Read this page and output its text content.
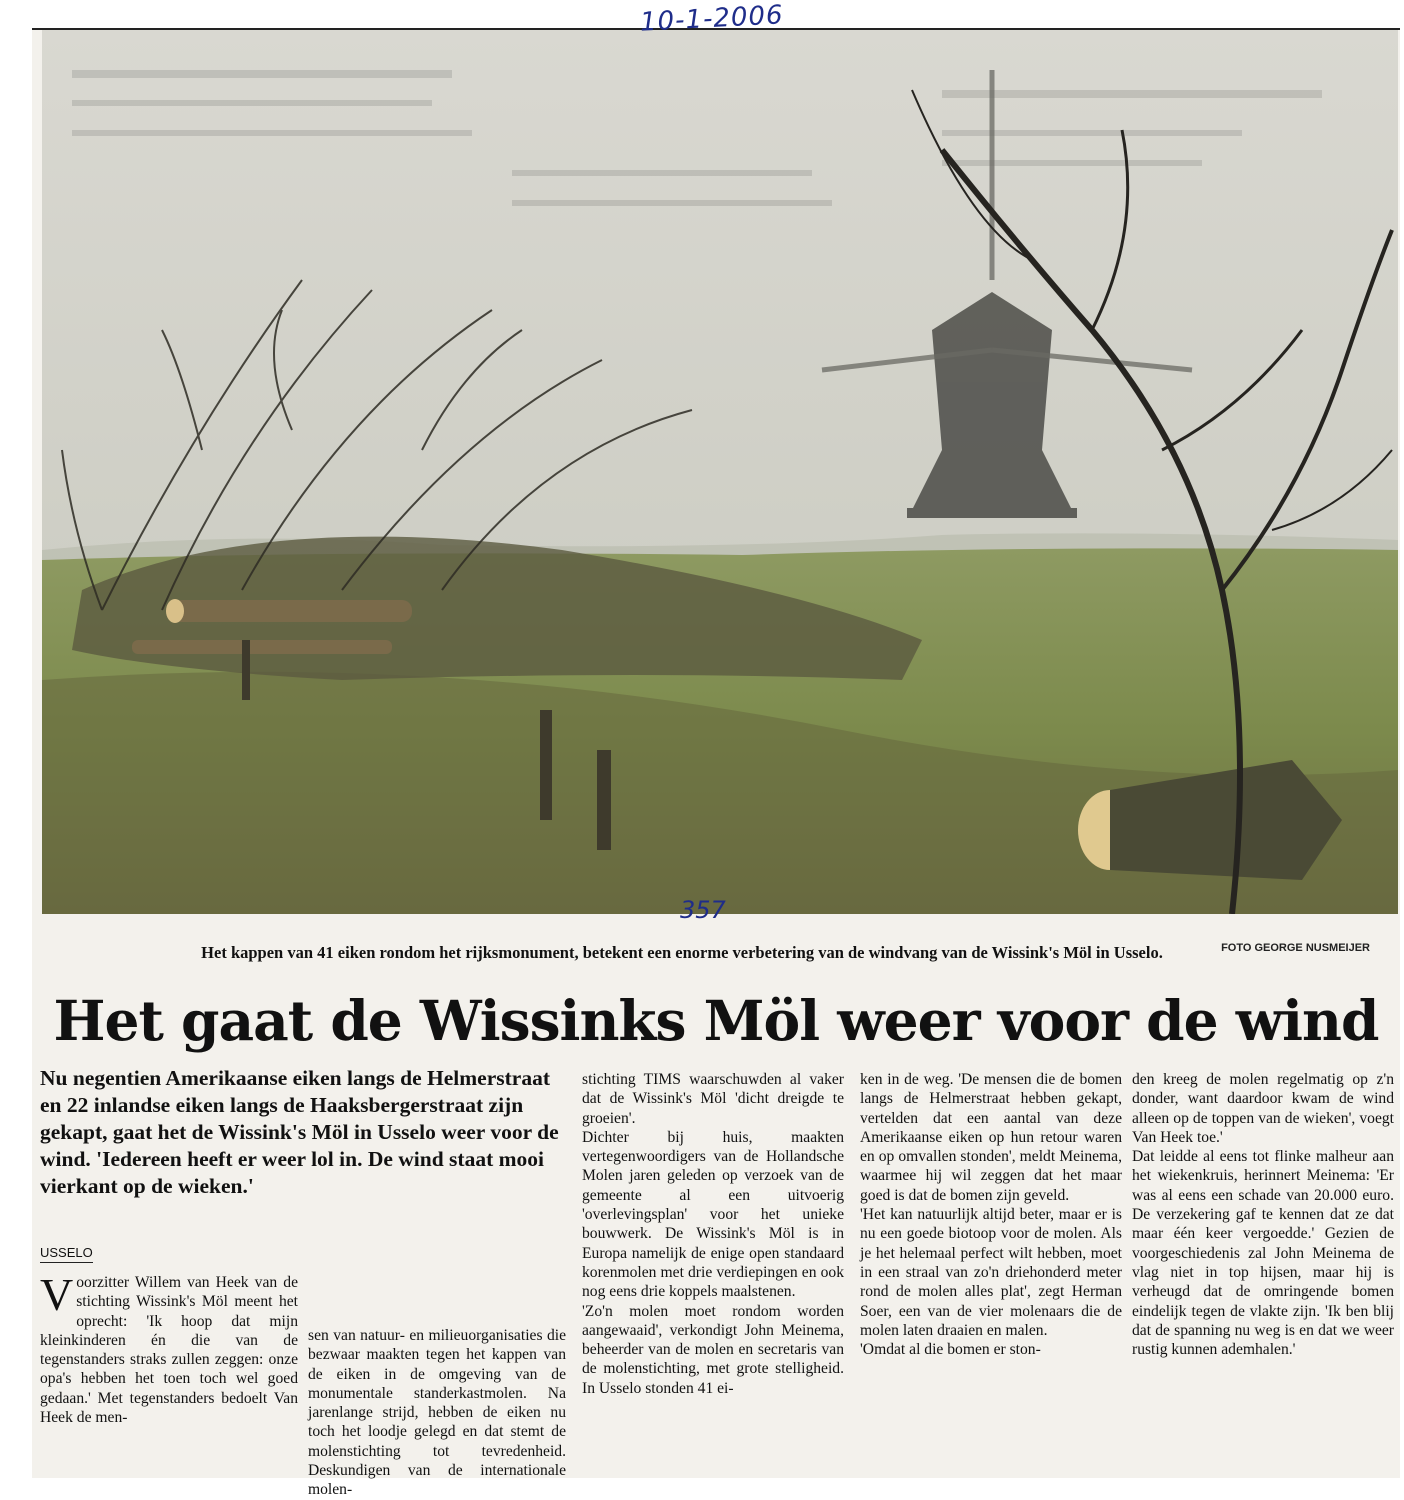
FOTO GEORGE NUSMEIJER
Het kappen van 41 eiken rondom het rijksmonument, betekent een enorme verbetering van de windvang van de Wissink's Möl in Usselo.
Het gaat de Wissinks Möl weer voor de wind
Nu negentien Amerikaanse eiken langs de Helmerstraat en 22 inlandse eiken langs de Haaksbergerstraat zijn gekapt, gaat het de Wissink's Möl in Usselo weer voor de wind. 'Iedereen heeft er weer lol in. De wind staat mooi vierkant op de wieken.'
USSELO

Voorzitter Willem van Heek van de stichting Wissink's Möl meent het oprecht: 'Ik hoop dat mijn kleinkinderen én die van de tegenstanders straks zullen zeggen: onze opa's hebben het toen toch wel goed gedaan.' Met tegenstanders bedoelt Van Heek de men-

sen van natuur- en milieuorganisaties die bezwaar maakten tegen het kappen van de eiken in de omgeving van de monumentale standerkastmolen. Na jarenlange strijd, hebben de eiken nu toch het loodje gelegd en dat stemt de molenstichting tot tevredenheid. Deskundigen van de internationale molen-

stichting TIMS waarschuwden al vaker dat de Wissink's Möl 'dicht dreigde te groeien'.

Dichter bij huis, maakten vertegenwoordigers van de Hollandsche Molen jaren geleden op verzoek van de gemeente al een uitvoerig 'overlevingsplan' voor het unieke bouwwerk. De Wissink's Möl is in Europa namelijk de enige open standaard korenmolen met drie verdiepingen en ook nog eens drie koppels maalstenen.

'Zo'n molen moet rondom worden aangewaaid', verkondigt John Meinema, beheerder van de molen en secretaris van de molenstichting, met grote stelligheid. In Usselo stonden 41 ei-

ken in de weg. 'De mensen die de bomen langs de Helmerstraat hebben gekapt, vertelden dat een aantal van deze Amerikaanse eiken op hun retour waren en op omvallen stonden', meldt Meinema, waarmee hij wil zeggen dat het maar goed is dat de bomen zijn geveld.

'Het kan natuurlijk altijd beter, maar er is nu een goede biotoop voor de molen. Als je het helemaal perfect wilt hebben, moet in een straal van zo'n driehonderd meter rond de molen alles plat', zegt Herman Soer, een van de vier molenaars die de molen laten draaien en malen.

'Omdat al die bomen er ston-

den kreeg de molen regelmatig op z'n donder, want daardoor kwam de wind alleen op de toppen van de wieken', voegt Van Heek toe.'

Dat leidde al eens tot flinke malheur aan het wiekenkruis, herinnert Meinema: 'Er was al eens een schade van 20.000 euro. De verzekering gaf te kennen dat ze dat maar één keer vergoedde.' Gezien de voorgeschiedenis zal John Meinema de vlag niet in top hijsen, maar hij is verheugd dat de omringende bomen eindelijk tegen de vlakte zijn. 'Ik ben blij dat de spanning nu weg is en dat we weer rustig kunnen ademhalen.'

10-1-2006
357
